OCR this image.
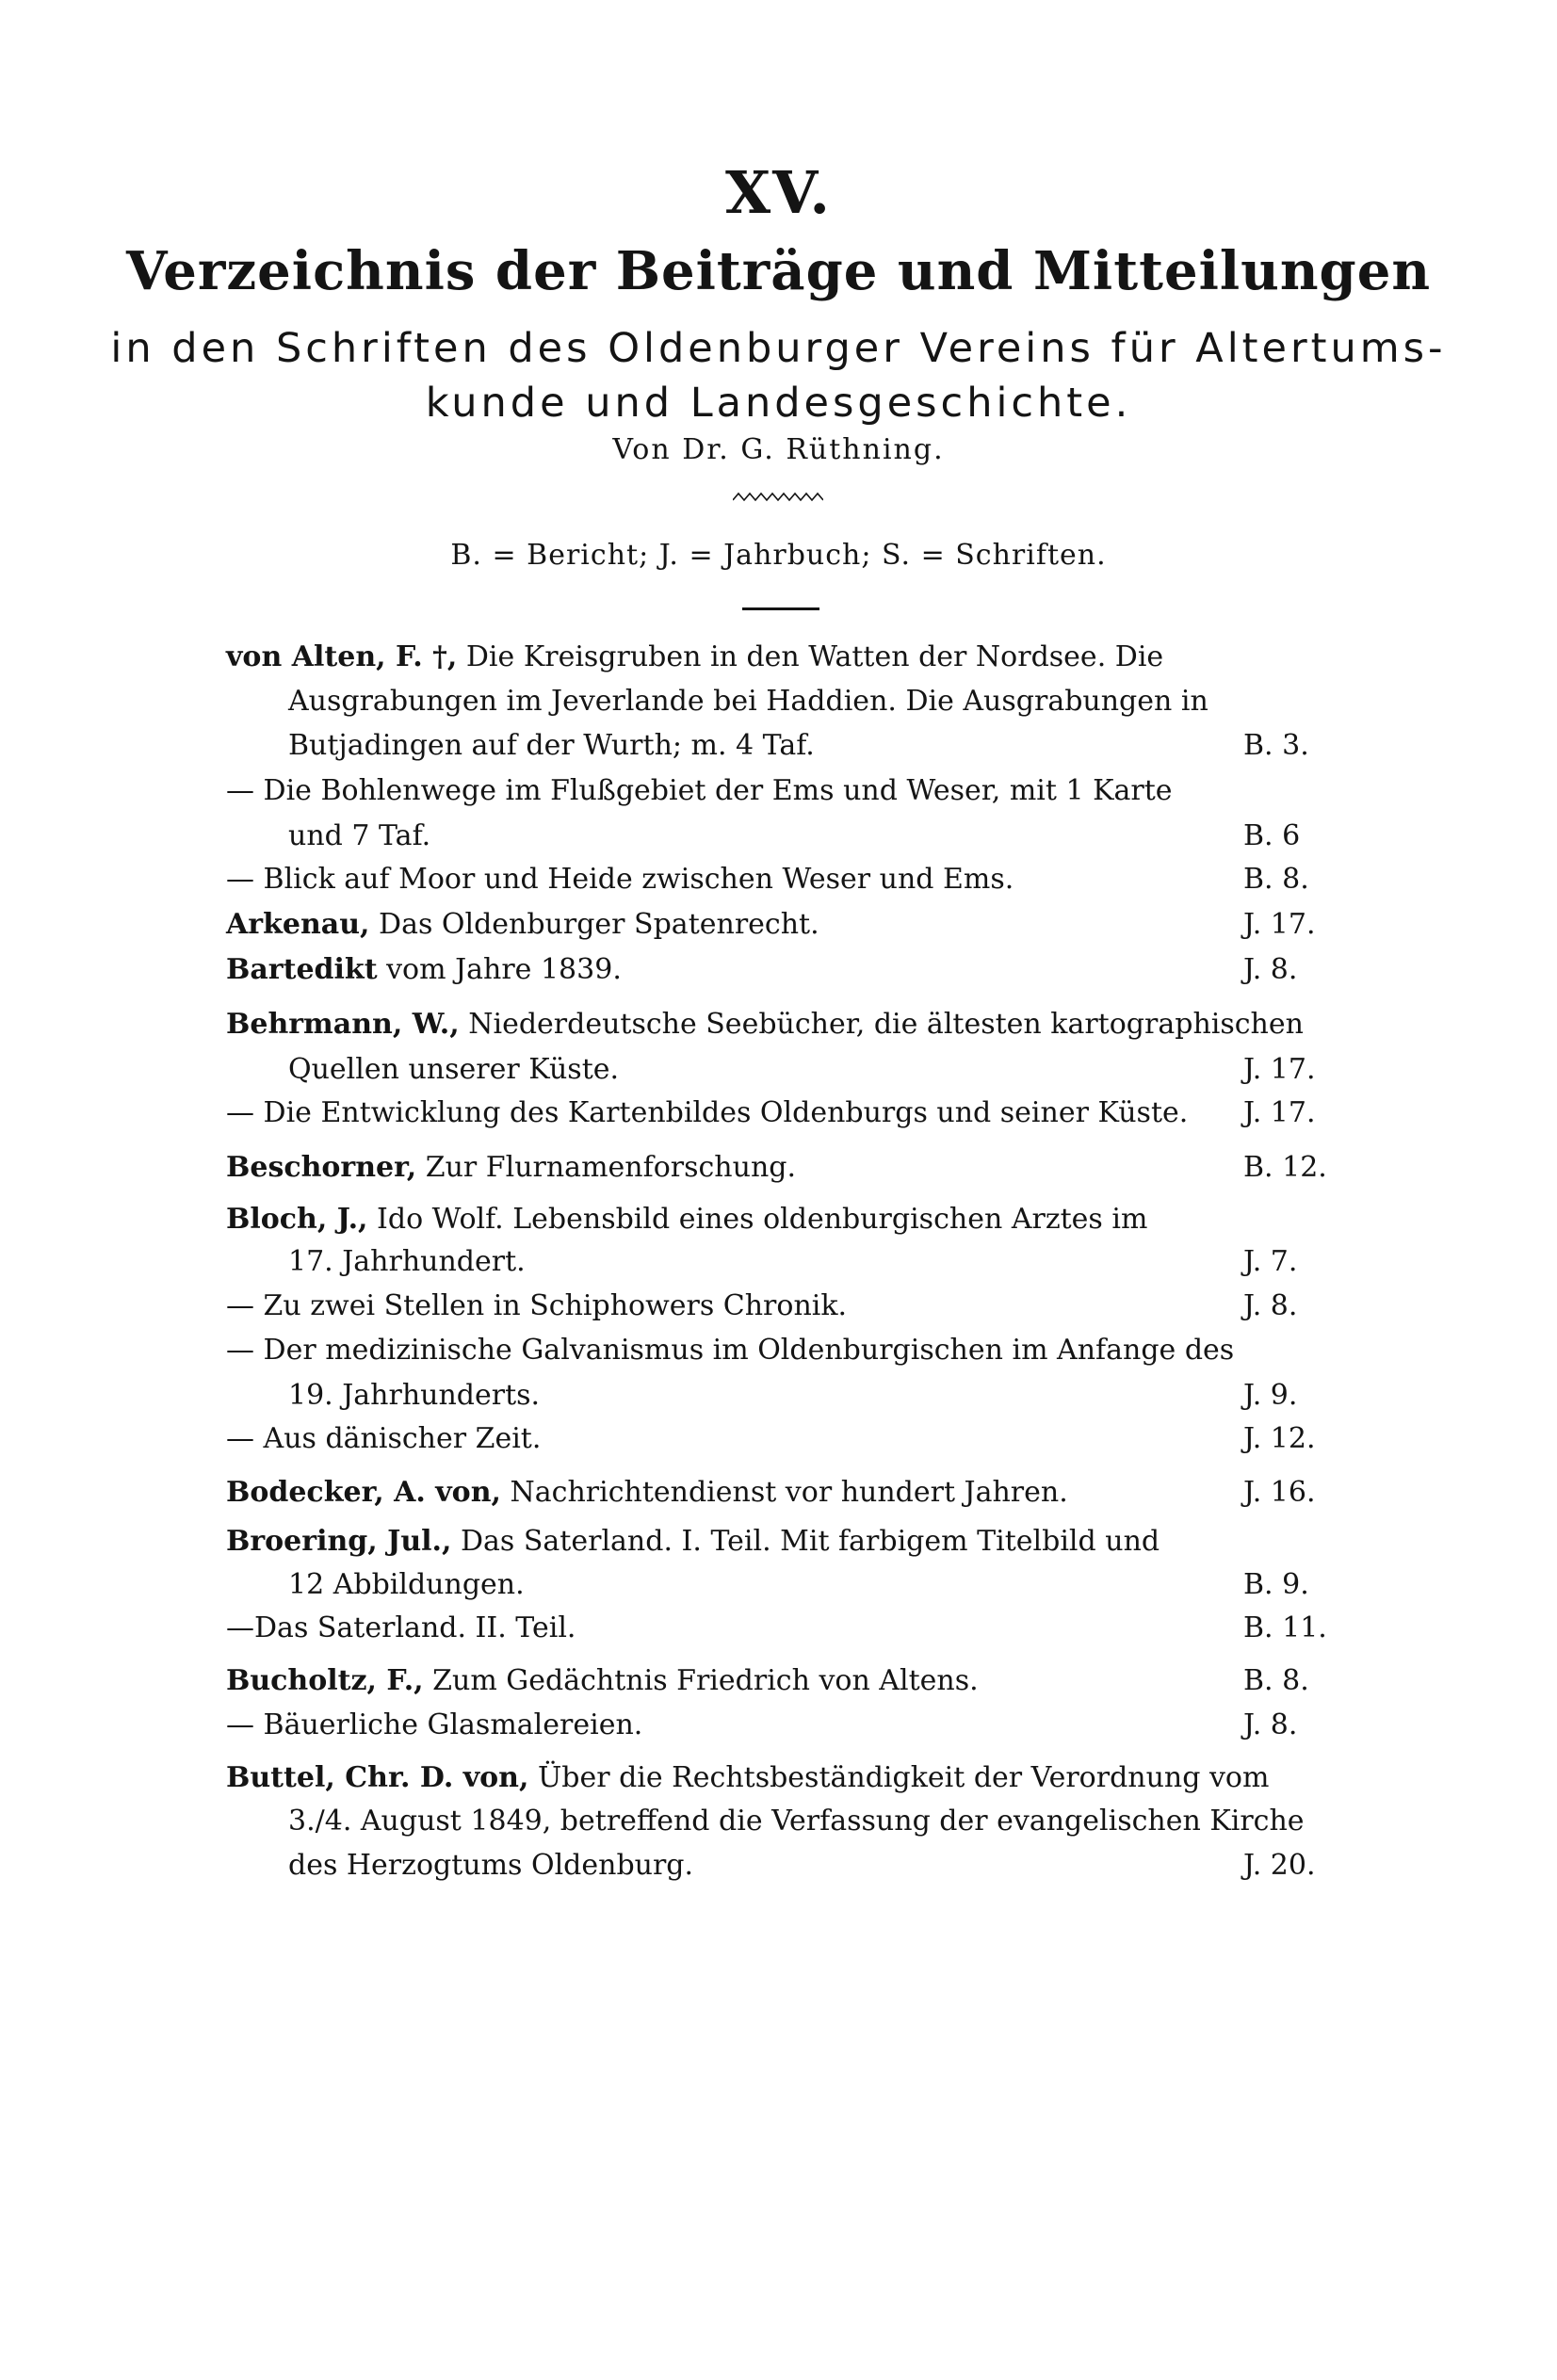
XV.
Verzeichnis der Beiträge und Mitteilungen
in den Schriften des Oldenburger Vereins für Altertums-
kunde und Landesgeschichte.
Von Dr. G. Rüthning.
B. = Bericht; J. = Jahrbuch; S. = Schriften.
von Alten, F. †, Die Kreisgruben in den Watten der Nordsee. Die
Ausgrabungen im Jeverlande bei Haddien. Die Ausgrabungen in
Butjadingen auf der Wurth; m. 4 Taf.	B. 3.
— Die Bohlenwege im Flußgebiet der Ems und Weser, mit 1 Karte
und 7 Taf.	B. 6
— Blick auf Moor und Heide zwischen Weser und Ems.	B. 8.
Arkenau, Das Oldenburger Spatenrecht.	J. 17.
Bartedikt vom Jahre 1839.	J. 8.
Behrmann, W., Niederdeutsche Seebücher, die ältesten kartographischen
Quellen unserer Küste.	J. 17.
— Die Entwicklung des Kartenbildes Oldenburgs und seiner Küste. J. 17.
Beschorner, Zur Flurnamenforschung.	B. 12.
Bloch, J., Ido Wolf. Lebensbild eines oldenburgischen Arztes im
17. Jahrhundert.	J. 7.
— Zu zwei Stellen in Schiphowers Chronik.	J. 8.
— Der medizinische Galvanismus im Oldenburgischen im Anfange des
19. Jahrhunderts.	J. 9.
— Aus dänischer Zeit.	J. 12.
Bodecker, A. von, Nachrichtendienst vor hundert Jahren.	J. 16.
Broering, Jul., Das Saterland. I. Teil. Mit farbigem Titelbild und
12 Abbildungen.	B. 9.
—Das Saterland. II. Teil.	B. 11.
Bucholtz, F., Zum Gedächtnis Friedrich von Altens.	B. 8.
— Bäuerliche Glasmalereien.	J. 8.
Buttel, Chr. D. von, Über die Rechtsbeständigkeit der Verordnung vom
3./4. August 1849, betreffend die Verfassung der evangelischen Kirche
des Herzogtums Oldenburg.	J. 20.
